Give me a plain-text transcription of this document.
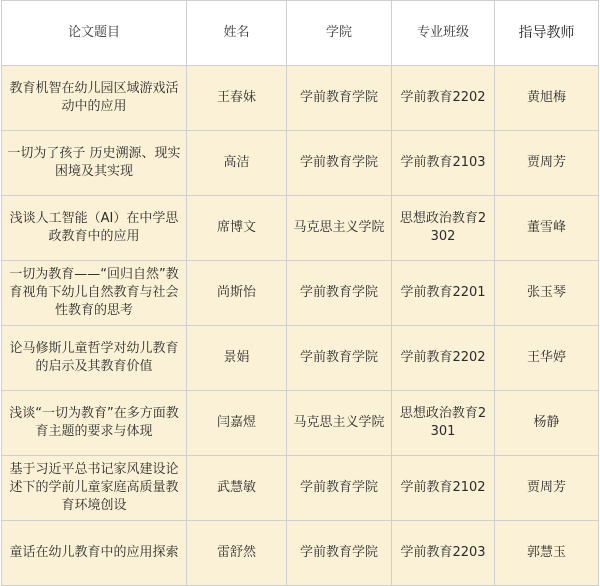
论文题目	姓名	学院	专业班级	指导教师
教育机智在幼儿园区域游戏活动中的应用	王春妹	学前教育学院	学前教育2202	黄旭梅
一切为了孩子 历史溯源、现实困境及其实现	高洁	学前教育学院	学前教育2103	贾周芳
浅谈人工智能（AI）在中学思政教育中的应用	席博文	马克思主义学院	思想政治教育2302	董雪峰
一切为教育——“回归自然”教育视角下幼儿自然教育与社会性教育的思考	尚斯怡	学前教育学院	学前教育2201	张玉琴
论马修斯儿童哲学对幼儿教育的启示及其教育价值	景娟	学前教育学院	学前教育2202	王华婷
浅谈“一切为教育”在多方面教育主题的要求与体现	闫嘉煜	马克思主义学院	思想政治教育2301	杨静
基于习近平总书记家风建设论述下的学前儿童家庭高质量教育环境创设	武慧敏	学前教育学院	学前教育2102	贾周芳
童话在幼儿教育中的应用探索	雷舒然	学前教育学院	学前教育2203	郭慧玉
